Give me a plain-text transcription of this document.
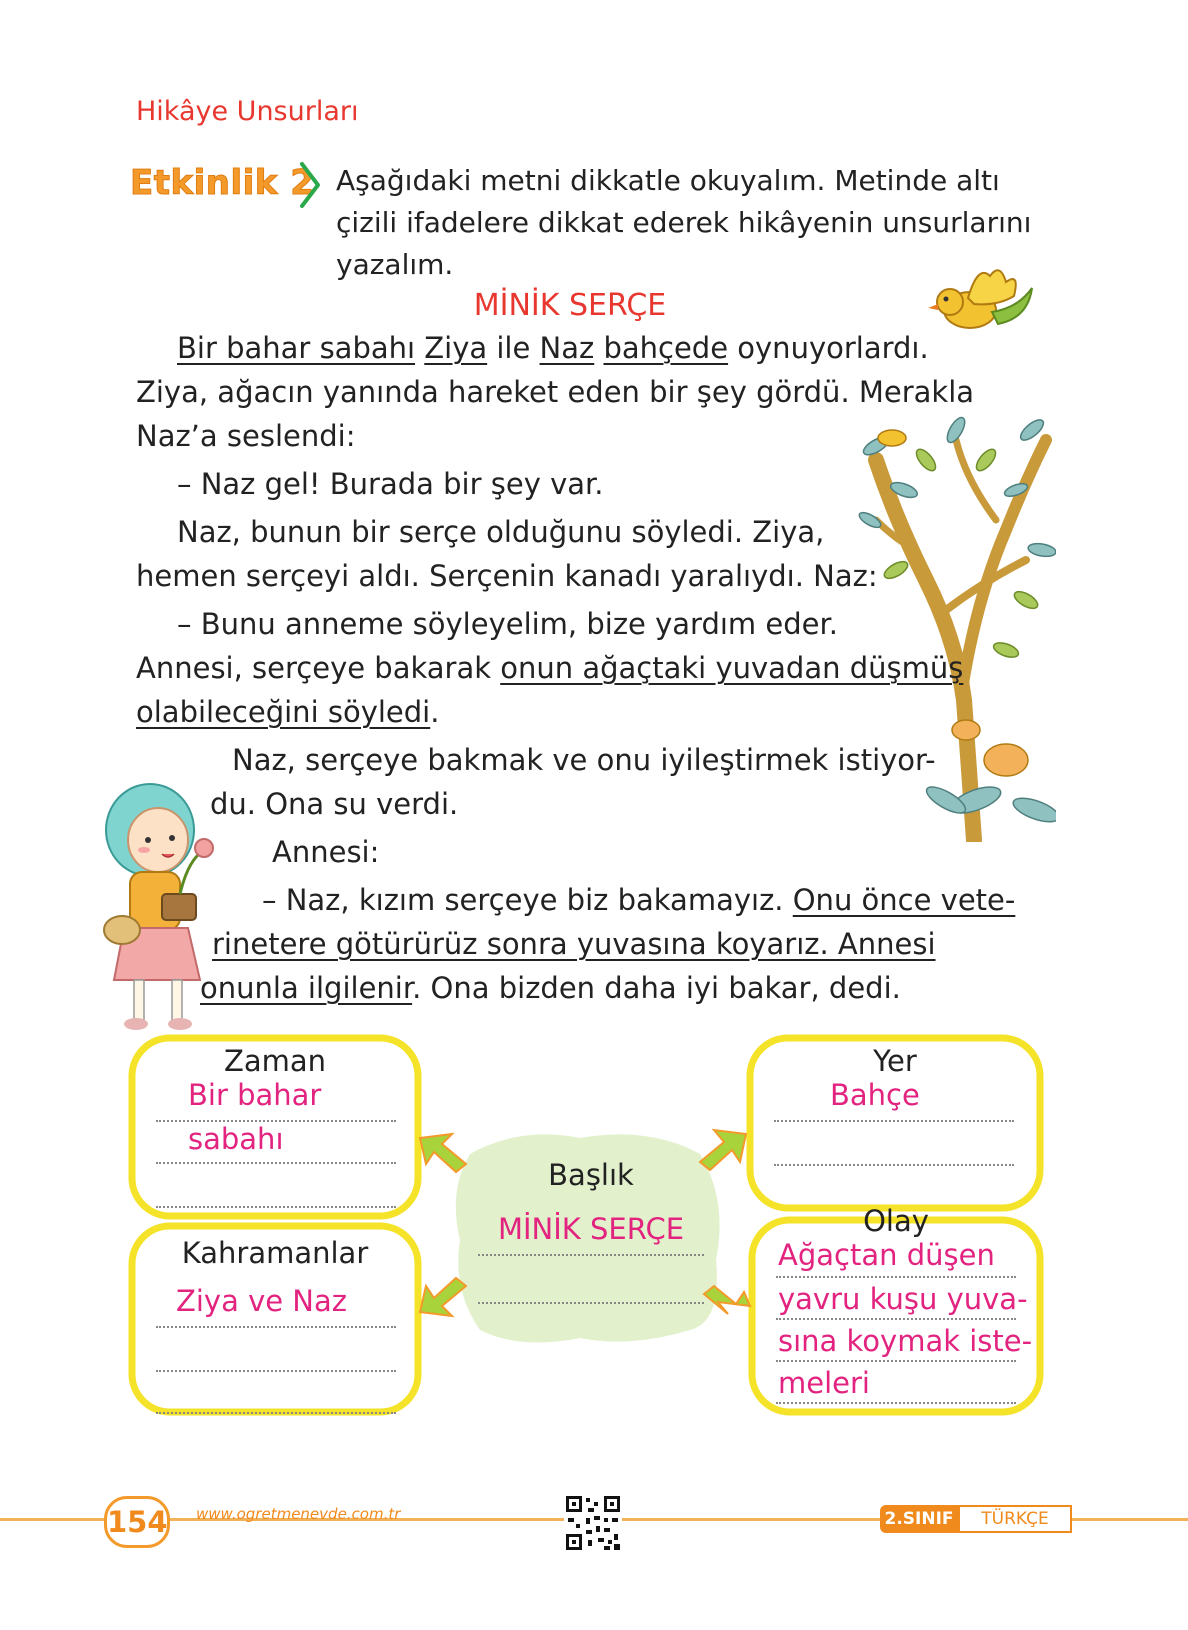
Hikâye Unsurları
Etkinlik 2 Aşağıdaki metni dikkatle okuyalım. Metinde altı çizili ifadelere dikkat ederek hikâyenin unsurlarını yazalım.
MİNİK SERÇE
Bir bahar sabahı Ziya ile Naz bahçede oynuyorlardı.
Ziya, ağacın yanında hareket eden bir şey gördü. Merakla
Naz’a seslendi:
– Naz gel! Burada bir şey var.
Naz, bunun bir serçe olduğunu söyledi. Ziya,
hemen serçeyi aldı. Serçenin kanadı yaralıydı. Naz:
– Bunu anneme söyleyelim, bize yardım eder.
Annesi, serçeye bakarak onun ağaçtaki yuvadan düşmüş
olabileceğini söyledi.
Naz, serçeye bakmak ve onu iyileştirmek istiyor-
du. Ona su verdi.
Annesi:
– Naz, kızım serçeye biz bakamayız. Onu önce vete-
rinetere götürürüz sonra yuvasına koyarız. Annesi
onunla ilgilenir. Ona bizden daha iyi bakar, dedi.
Zaman
Bir bahar
sabahı
Yer
Bahçe
Başlık
MİNİK SERÇE
Kahramanlar
Ziya ve Naz
Olay
Ağaçtan düşen
yavru kuşu yuva-
sına koymak iste-
meleri
154 www.ogretmenevde.com.tr	2.SINIF	TÜRKÇE
